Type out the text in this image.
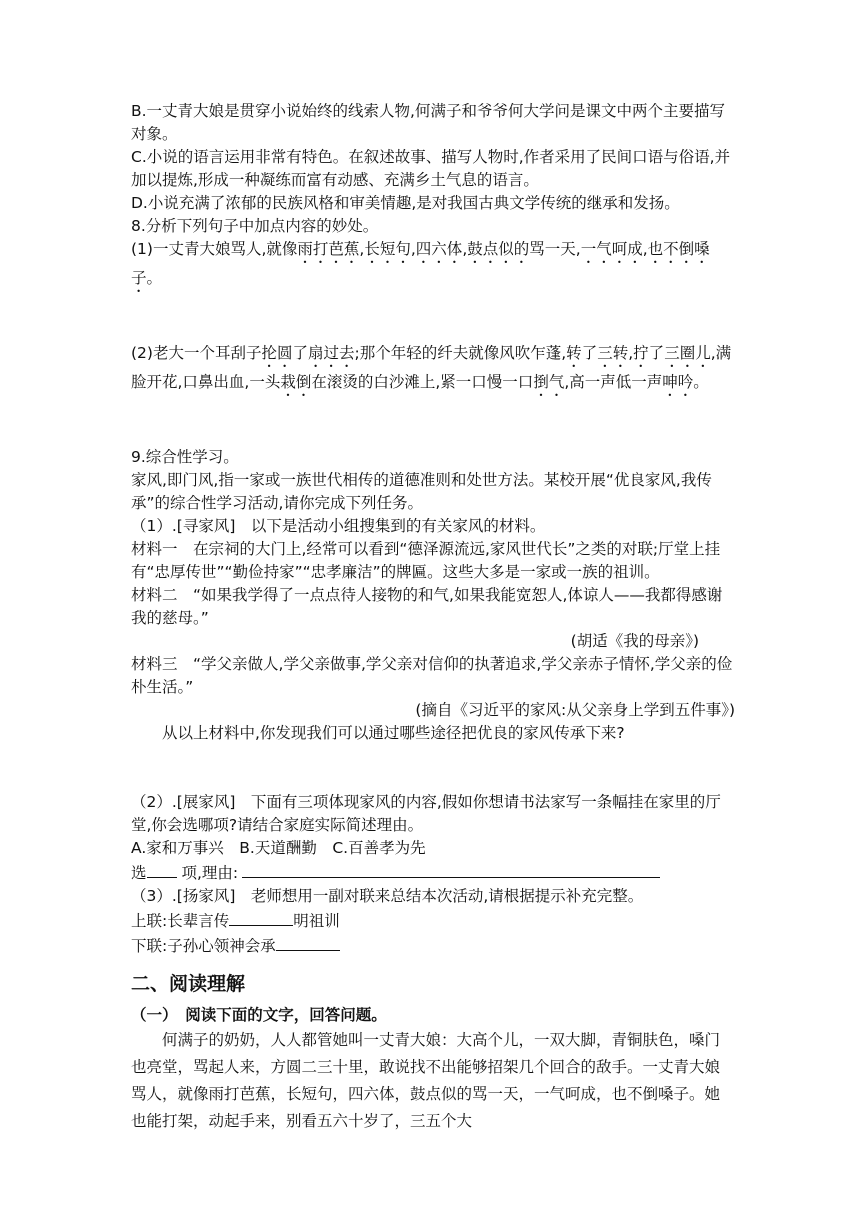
B.一丈青大娘是贯穿小说始终的线索人物,何满子和爷爷何大学问是课文中两个主要描写对象。

C.小说的语言运用非常有特色。在叙述故事、描写人物时,作者采用了民间口语与俗语,并加以提炼,形成一种凝练而富有动感、充满乡土气息的语言。

D.小说充满了浓郁的民族风格和审美情趣,是对我国古典文学传统的继承和发扬。

8.分析下列句子中加点内容的妙处。

(1)一丈青大娘骂人,就像雨打芭蕉,长短句,四六体,鼓点似的骂一天,一气呵成,也不倒嗓子。

(2)老大一个耳刮子抡圆了扇过去;那个年轻的纤夫就像风吹乍蓬,转了三转,拧了三圈儿,满脸开花,口鼻出血,一头栽倒在滚烫的白沙滩上,紧一口慢一口捯气,高一声低一声呻吟。

9.综合性学习。

家风,即门风,指一家或一族世代相传的道德准则和处世方法。某校开展“优良家风,我传承”的综合性学习活动,请你完成下列任务。

（1）.[寻家风]　以下是活动小组搜集到的有关家风的材料。

材料一　在宗祠的大门上,经常可以看到“德泽源流远,家风世代长”之类的对联;厅堂上挂有“忠厚传世”“勤俭持家”“忠孝廉洁”的牌匾。这些大多是一家或一族的祖训。

材料二　“如果我学得了一点点待人接物的和气,如果我能宽恕人,体谅人——我都得感谢我的慈母。”

(胡适《我的母亲》)

材料三　“学父亲做人,学父亲做事,学父亲对信仰的执著追求,学父亲赤子情怀,学父亲的俭朴生活。”

(摘自《习近平的家风:从父亲身上学到五件事》)

从以上材料中,你发现我们可以通过哪些途径把优良的家风传承下来?

（2）.[展家风]　下面有三项体现家风的内容,假如你想请书法家写一条幅挂在家里的厅堂,你会选哪项?请结合家庭实际简述理由。

A.家和万事兴　B.天道酬勤　C.百善孝为先

选 项,理由:

（3）.[扬家风]　老师想用一副对联来总结本次活动,请根据提示补充完整。

上联:长辈言传	明祖训

下联:子孙心领神会承

二、阅读理解

（一）　阅读下面的文字，回答问题。

何满子的奶奶，人人都管她叫一丈青大娘：大高个儿，一双大脚，青铜肤色，嗓门也亮堂，骂起人来，方圆二三十里，敢说找不出能够招架几个回合的敌手。一丈青大娘骂人，就像雨打芭蕉，长短句，四六体，鼓点似的骂一天，一气呵成，也不倒嗓子。她也能打架，动起手来，别看五六十岁了，三五个大
